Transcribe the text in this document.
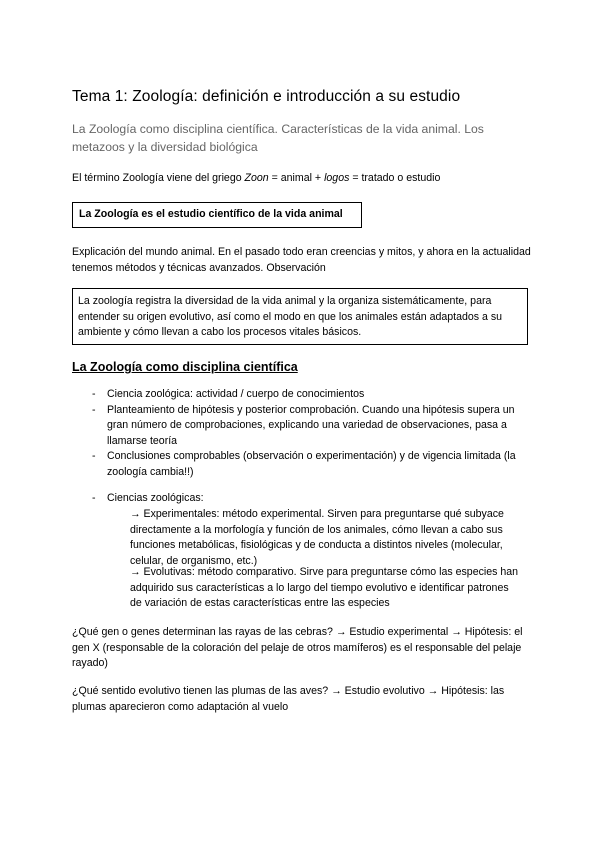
Tema 1: Zoología: definición e introducción a su estudio
La Zoología como disciplina científica. Características de la vida animal. Los metazoos y la diversidad biológica
El término Zoología viene del griego Zoon = animal + logos = tratado o estudio
La Zoología es el estudio científico de la vida animal
Explicación del mundo animal. En el pasado todo eran creencias y mitos, y ahora en la actualidad tenemos métodos y técnicas avanzados. Observación
La zoología registra la diversidad de la vida animal y la organiza sistemáticamente, para entender su origen evolutivo, así como el modo en que los animales están adaptados a su ambiente y cómo llevan a cabo los procesos vitales básicos.
La Zoología como disciplina científica
- Ciencia zoológica: actividad / cuerpo de conocimientos
- Planteamiento de hipótesis y posterior comprobación. Cuando una hipótesis supera un gran número de comprobaciones, explicando una variedad de observaciones, pasa a llamarse teoría
- Conclusiones comprobables (observación o experimentación) y de vigencia limitada (la zoología cambia!!)
- Ciencias zoológicas:
→ Experimentales: método experimental. Sirven para preguntarse qué subyace directamente a la morfología y función de los animales, cómo llevan a cabo sus funciones metabólicas, fisiológicas y de conducta a distintos niveles (molecular, celular, de organismo, etc.)
→ Evolutivas: método comparativo. Sirve para preguntarse cómo las especies han adquirido sus características a lo largo del tiempo evolutivo e identificar patrones de variación de estas características entre las especies
¿Qué gen o genes determinan las rayas de las cebras? → Estudio experimental → Hipótesis: el gen X (responsable de la coloración del pelaje de otros mamíferos) es el responsable del pelaje rayado)
¿Qué sentido evolutivo tienen las plumas de las aves? → Estudio evolutivo → Hipótesis: las plumas aparecieron como adaptación al vuelo
